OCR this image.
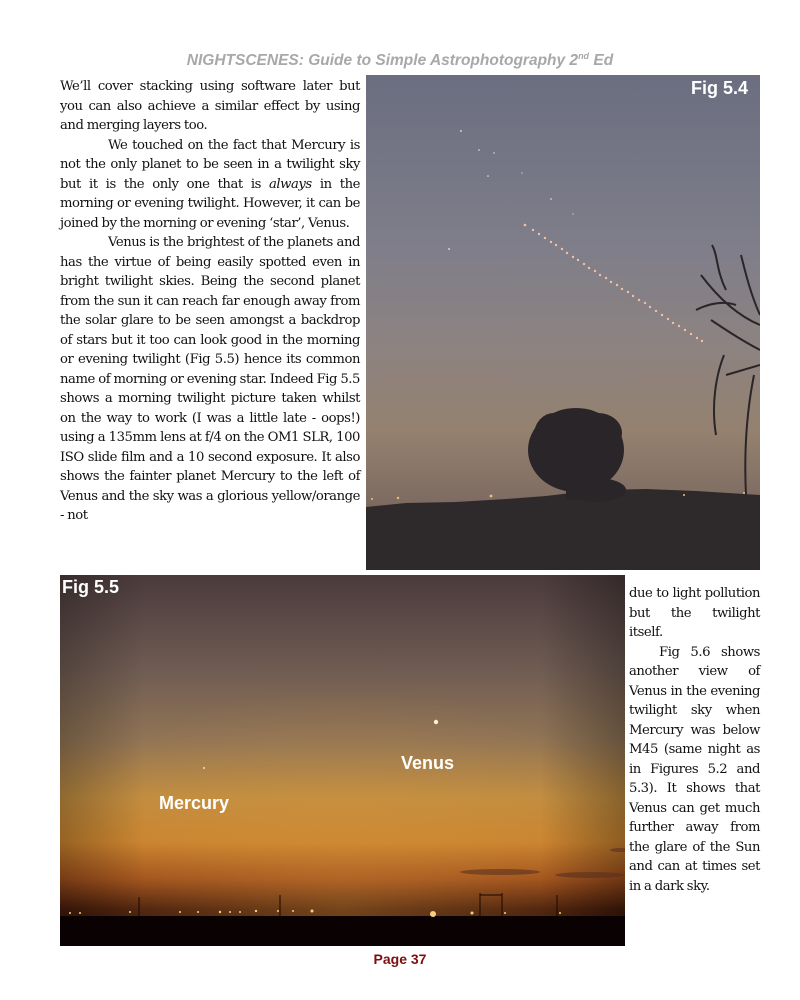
NIGHTSCENES: Guide to Simple Astrophotography 2nd Ed

We’ll cover stacking using software later but you can also achieve a similar effect by using and merging layers too.

We touched on the fact that Mercury is not the only planet to be seen in a twilight sky but it is the only one that is always in the morning or evening twilight. However, it can be joined by the morning or evening ‘star’, Venus.

Venus is the brightest of the planets and has the virtue of being easily spotted even in bright twilight skies. Being the second planet from the sun it can reach far enough away from the solar glare to be seen amongst a backdrop of stars but it too can look good in the morning or evening twilight (Fig 5.5) hence its common name of morning or evening star. Indeed Fig 5.5 shows a morning twilight picture taken whilst on the way to work (I was a little late - oops!) using a 135mm lens at f/4 on the OM1 SLR, 100 ISO slide film and a 10 second exposure. It also shows the fainter planet Mercury to the left of Venus and the sky was a glorious yellow/orange - not

Fig 5.4
Fig 5.5
Venus
Mercury

due to light pollution but the twilight itself.

Fig 5.6 shows another view of Venus in the evening twilight sky when Mercury was below M45 (same night as in Figures 5.2 and 5.3). It shows that Venus can get much further away from the glare of the Sun and can at times set in a dark sky.

Page 37
